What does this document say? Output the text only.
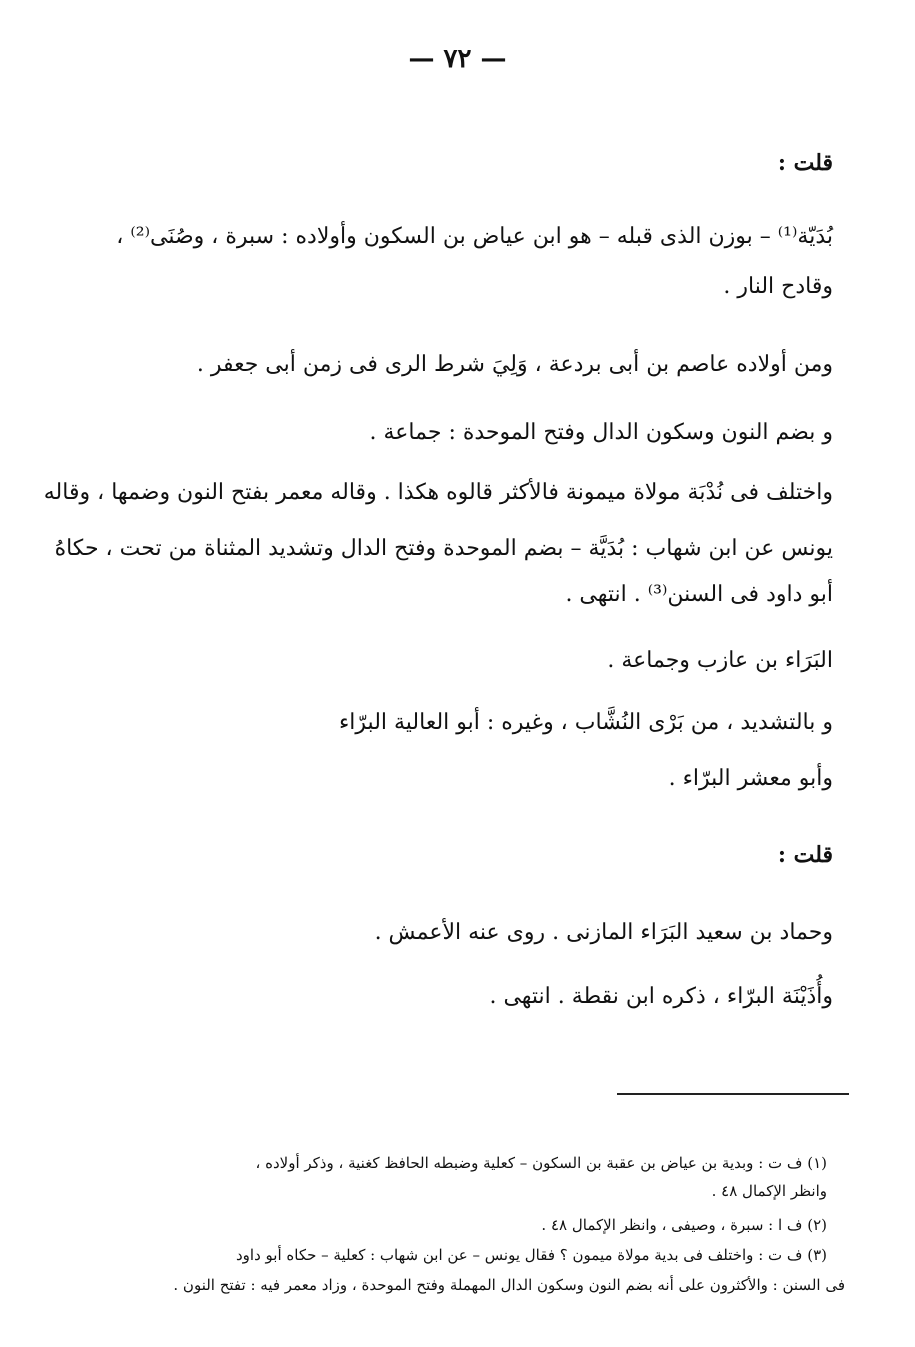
— ٧٢ —
قلت :
بُدَيّة⁽¹⁾ – بوزن الذى قبله – هو ابن عياض بن السكون وأولاده : سبرة ، وصُنَى⁽²⁾ ،
وقادح النار .
ومن أولاده عاصم بن أبى بردعة ، وَلِيَ شرط الرى فى زمن أبى جعفر .
و بضم النون وسكون الدال وفتح الموحدة : جماعة .
واختلف فى نُدْبَة مولاة ميمونة فالأكثر قالوه هكذا . وقاله معمر بفتح النون وضمها ، وقاله
يونس عن ابن شهاب : بُدَيَّة – بضم الموحدة وفتح الدال وتشديد المثناة من تحت ، حكاهُ
أبو داود فى السنن⁽³⁾ . انتهى .
البَرَاء بن عازب وجماعة .
و بالتشديد ، من بَرْى النُشَّاب ، وغيره : أبو العالية البرّاء
وأبو معشر البرّاء .
قلت :
وحماد بن سعيد البَرَاء المازنى . روى عنه الأعمش .
وأُذَيْنَة البرّاء ، ذكره ابن نقطة . انتهى .
(١) ف ت : وبدية بن عياض بن عقبة بن السكون – كعلية وضبطه الحافظ كغنية ، وذكر أولاده ،
وانظر الإكمال ٤٨ .
(٢) ف ا : سبرة ، وصيفى ، وانظر الإكمال ٤٨ .
(٣) ف ت : واختلف فى بدية مولاة ميمون ؟ فقال يونس – عن ابن شهاب : كعلية – حكاه أبو داود
فى السنن : والأكثرون على أنه بضم النون وسكون الدال المهملة وفتح الموحدة ، وزاد معمر فيه : تفتح النون .
